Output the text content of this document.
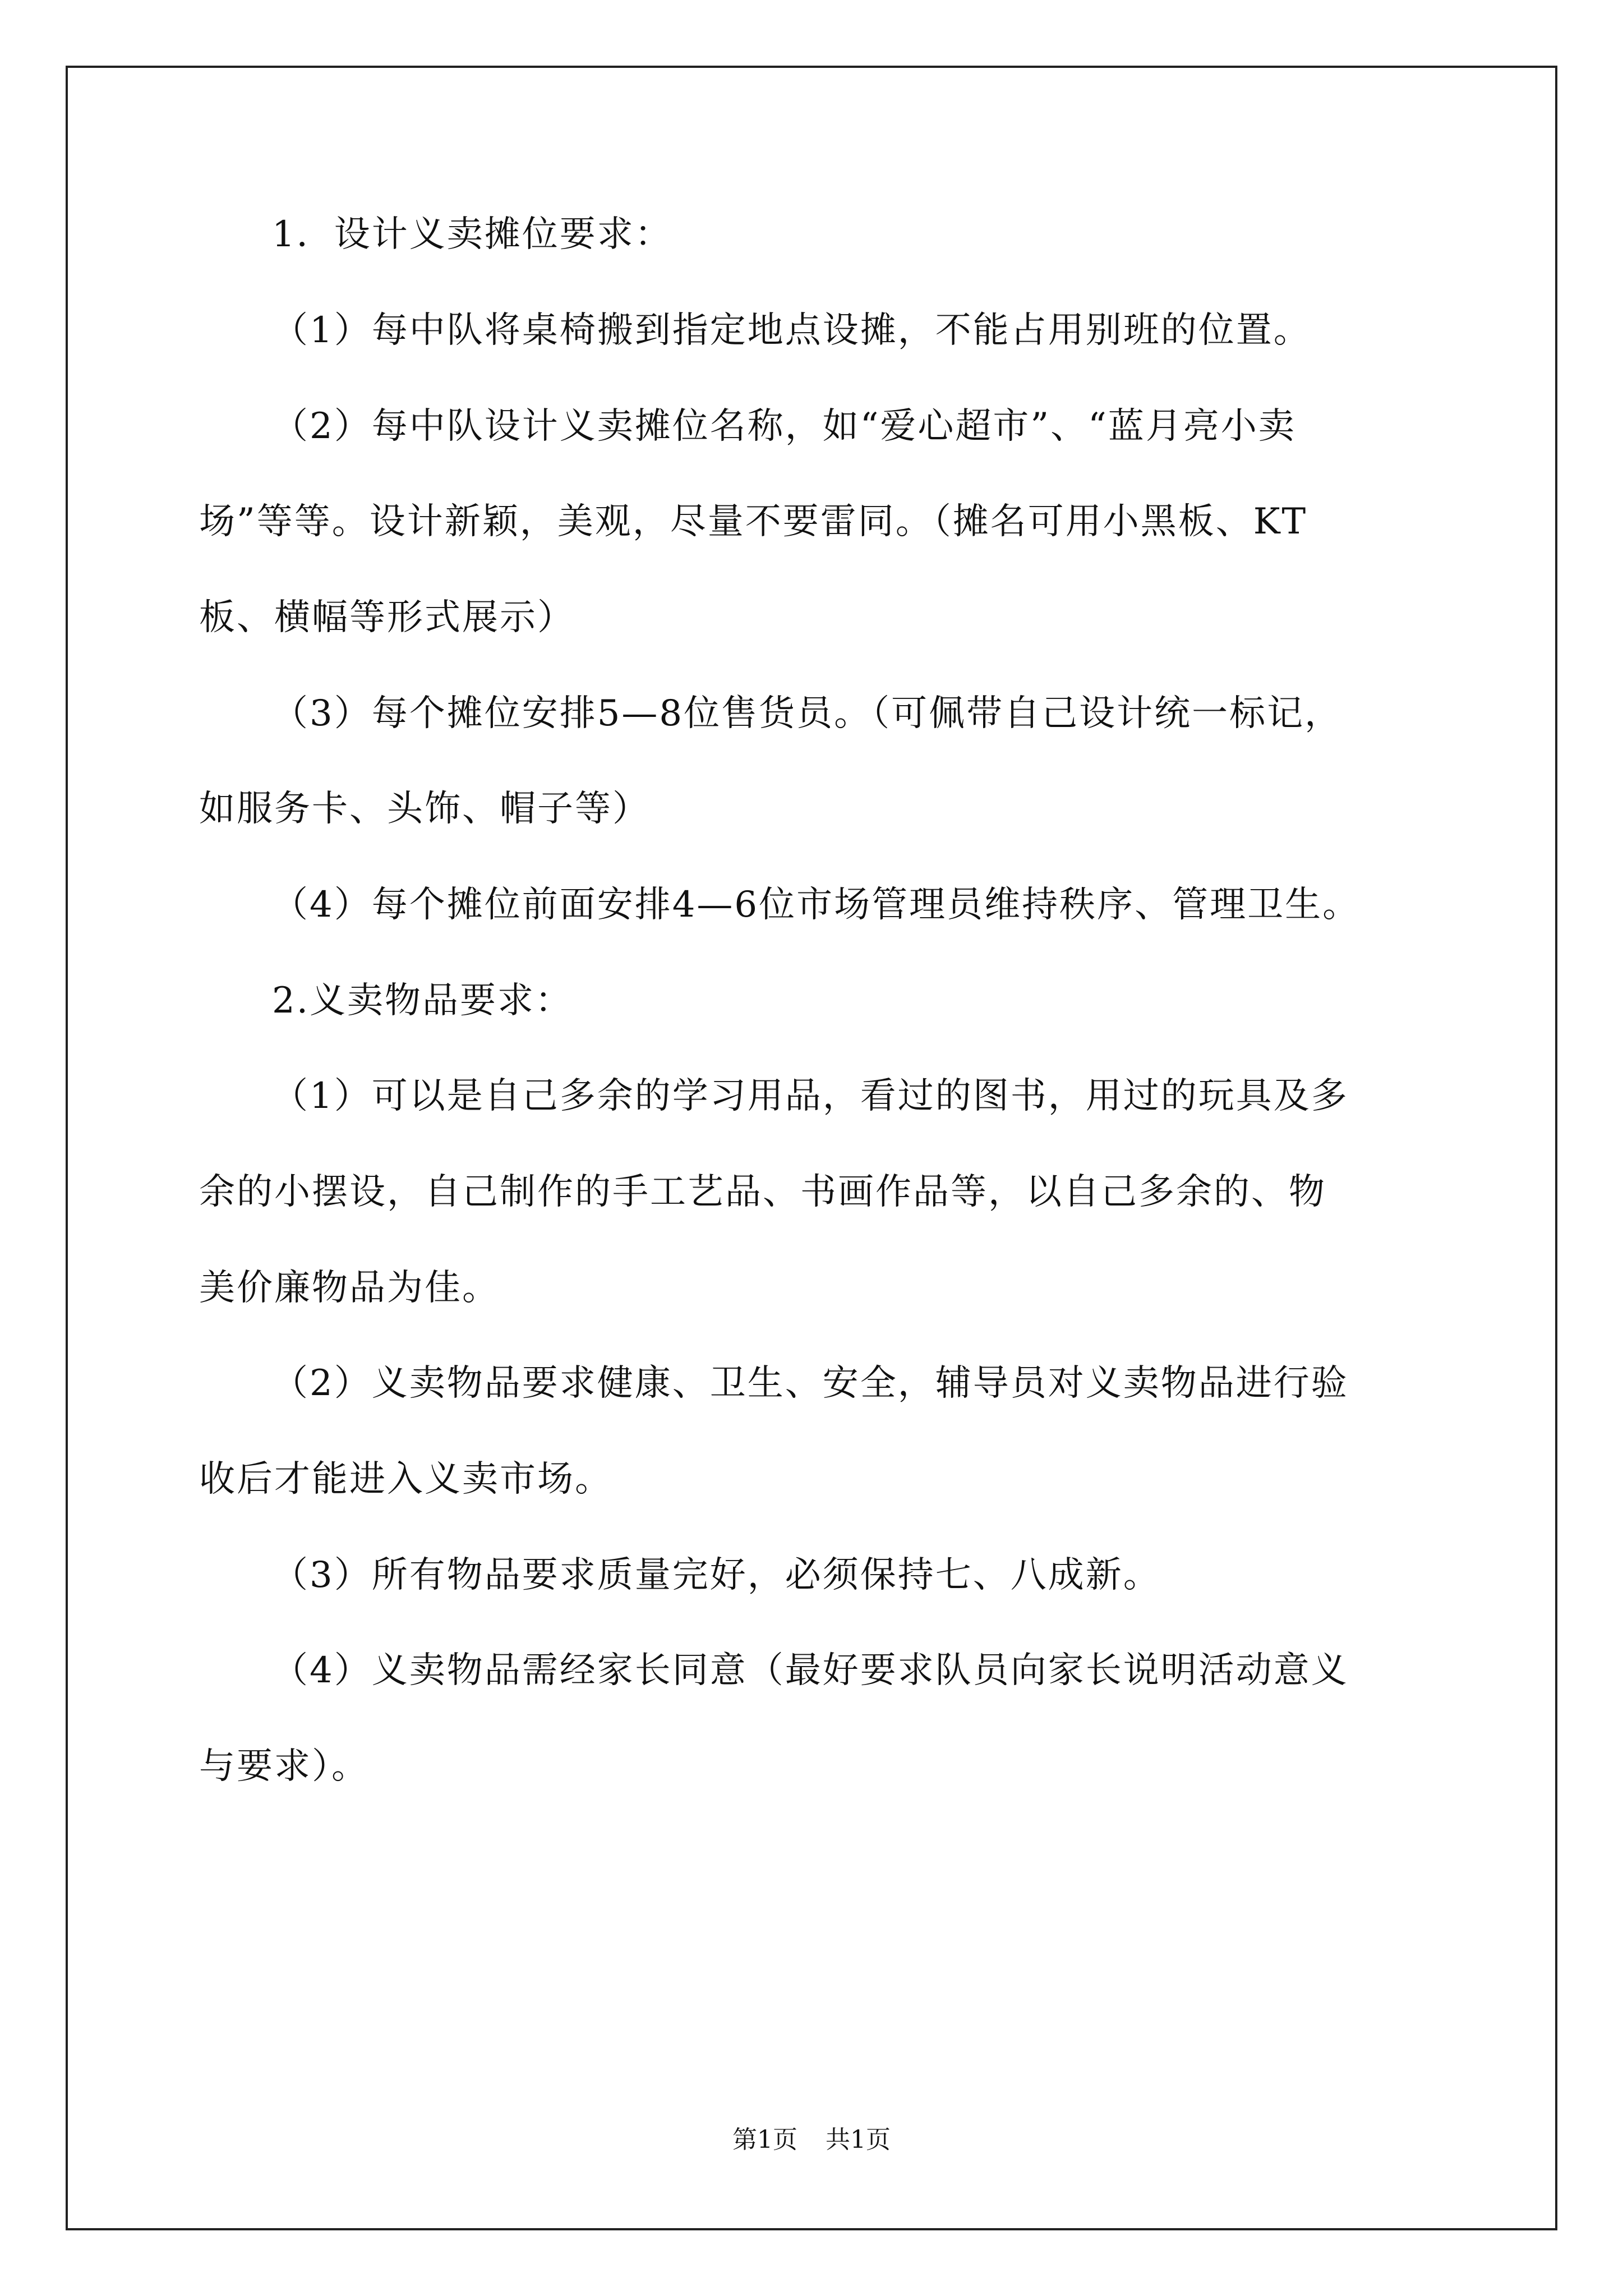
1．设计义卖摊位要求：
（1）每中队将桌椅搬到指定地点设摊，不能占用别班的位置。
（2）每中队设计义卖摊位名称，如“爱心超市”、“蓝月亮小卖
场”等等。设计新颖，美观，尽量不要雷同。（摊名可用小黑板、KT
板、横幅等形式展示）
（3）每个摊位安排5—8位售货员。（可佩带自己设计统一标记，
如服务卡、头饰、帽子等）
（4）每个摊位前面安排4—6位市场管理员维持秩序、管理卫生。
2.义卖物品要求：
（1）可以是自己多余的学习用品，看过的图书，用过的玩具及多
余的小摆设，自己制作的手工艺品、书画作品等，以自己多余的、物
美价廉物品为佳。
（2）义卖物品要求健康、卫生、安全，辅导员对义卖物品进行验
收后才能进入义卖市场。
（3）所有物品要求质量完好，必须保持七、八成新。
（4）义卖物品需经家长同意（最好要求队员向家长说明活动意义
与要求）。
第1页 共1页
